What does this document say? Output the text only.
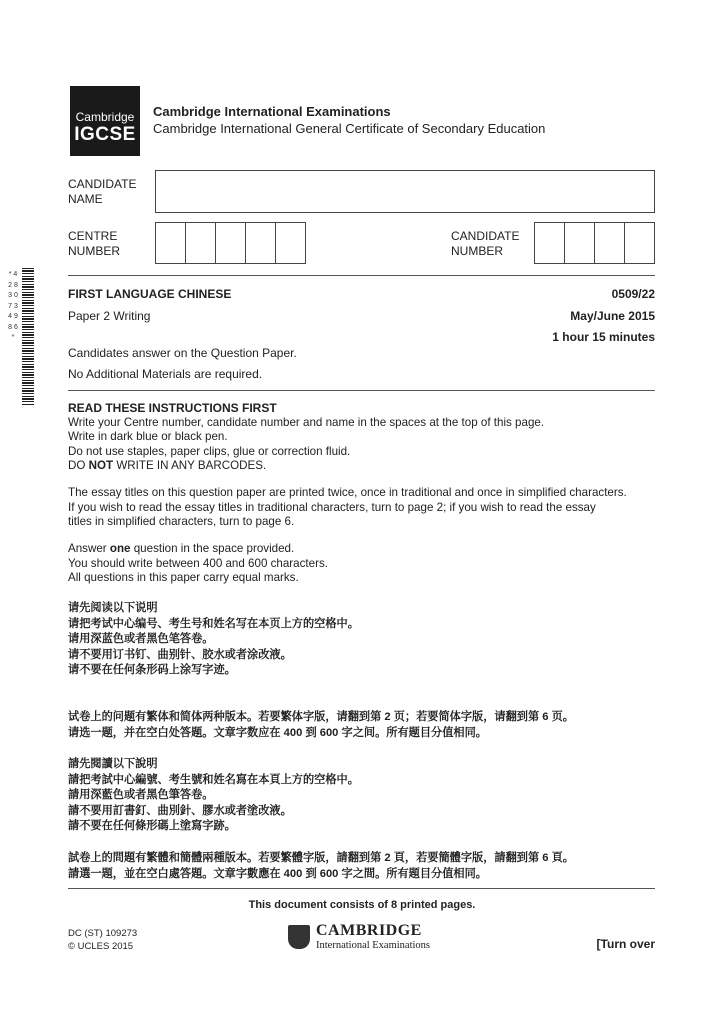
Cambridge
IGCSE
Cambridge International Examinations
Cambridge International General Certificate of Secondary Education
CANDIDATE
NAME
CENTRE
NUMBER
CANDIDATE
NUMBER
* 4 2 8 3 0 7 3 4 9 8 6 *
FIRST LANGUAGE CHINESE	0509/22
Paper 2 Writing	May/June 2015
1 hour 15 minutes
Candidates answer on the Question Paper.
No Additional Materials are required.
READ THESE INSTRUCTIONS FIRST
Write your Centre number, candidate number and name in the spaces at the top of this page.
Write in dark blue or black pen.
Do not use staples, paper clips, glue or correction fluid.
DO NOT WRITE IN ANY BARCODES.
The essay titles on this question paper are printed twice, once in traditional and once in simplified characters.
If you wish to read the essay titles in traditional characters, turn to page 2; if you wish to read the essay
titles in simplified characters, turn to page 6.
Answer one question in the space provided.
You should write between 400 and 600 characters.
All questions in this paper carry equal marks.
请先阅读以下说明
请把考试中心编号、考生号和姓名写在本页上方的空格中。
请用深蓝色或者黑色笔答卷。
请不要用订书钉、曲别针、胶水或者涂改液。
请不要在任何条形码上涂写字迹。
试卷上的问题有繁体和简体两种版本。若要繁体字版，请翻到第 2 页；若要简体字版，请翻到第 6 页。
请选一题，并在空白处答题。文章字数应在 400 到 600 字之间。所有题目分值相同。
請先閱讀以下說明
請把考試中心編號、考生號和姓名寫在本頁上方的空格中。
請用深藍色或者黑色筆答卷。
請不要用訂書釘、曲別針、膠水或者塗改液。
請不要在任何條形碼上塗寫字跡。
試卷上的問題有繁體和簡體兩種版本。若要繁體字版，請翻到第 2 頁，若要簡體字版，請翻到第 6 頁。
請選一題，並在空白處答題。文章字數應在 400 到 600 字之間。所有題目分值相同。
This document consists of 8 printed pages.
DC (ST) 109273
© UCLES 2015
CAMBRIDGE
International Examinations	[Turn over
